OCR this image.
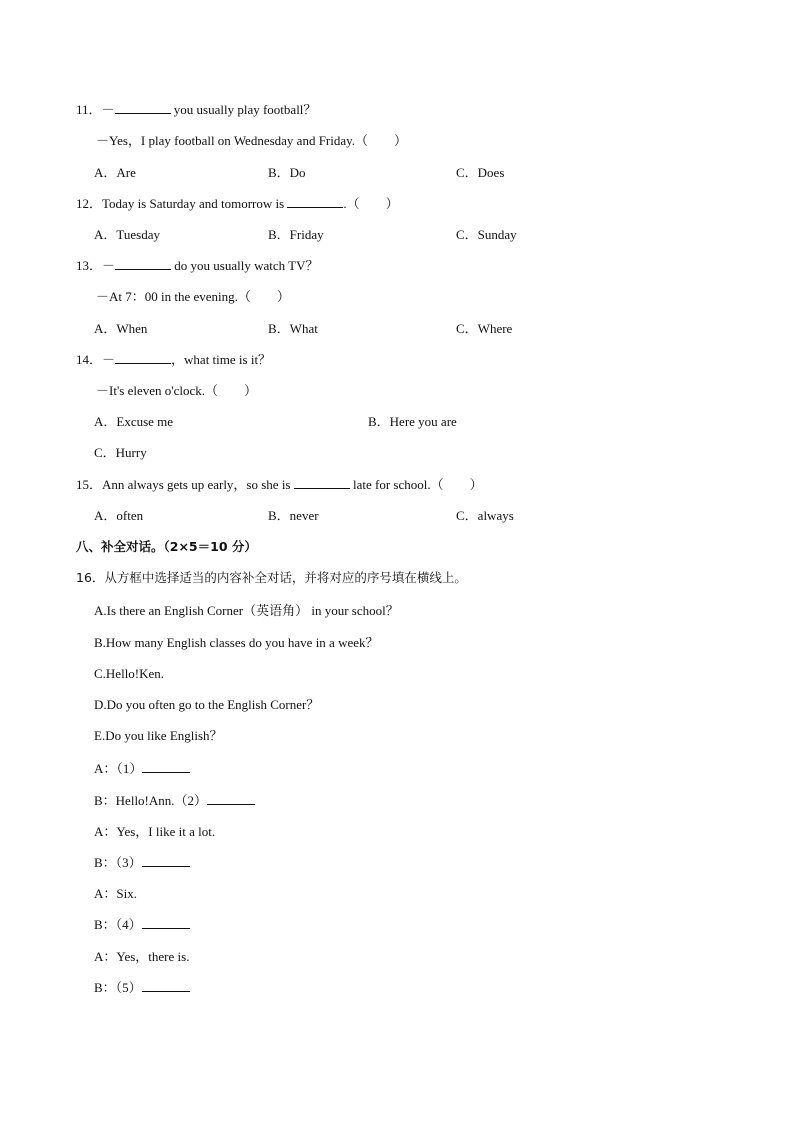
11．－	you usually play football？
－Yes，I play football on Wednesday and Friday.（　　）
A．Are	B．Do	C．Does
12．Today is Saturday and tomorrow is	.（　　）
A．Tuesday	B．Friday	C．Sunday
13．－	do you usually watch TV？
－At 7：00 in the evening.（　　）
A．When	B．What	C．Where
14．－	，what time is it？
－It's eleven o'clock.（　　）
A．Excuse me	B．Here you are
C．Hurry
15．Ann always gets up early，so she is	late for school.（　　）
A．often	B．never	C．always
八、补全对话。（2×5＝10 分）
16．从方框中选择适当的内容补全对话，并将对应的序号填在横线上。
A.Is there an English Corner（英语角） in your school？
B.How many English classes do you have in a week？
C.Hello!Ken.
D.Do you often go to the English Corner？
E.Do you like English？
A：（1）
B：Hello!Ann.（2）
A：Yes，I like it a lot.
B：（3）
A：Six.
B：（4）
A：Yes，there is.
B：（5）
